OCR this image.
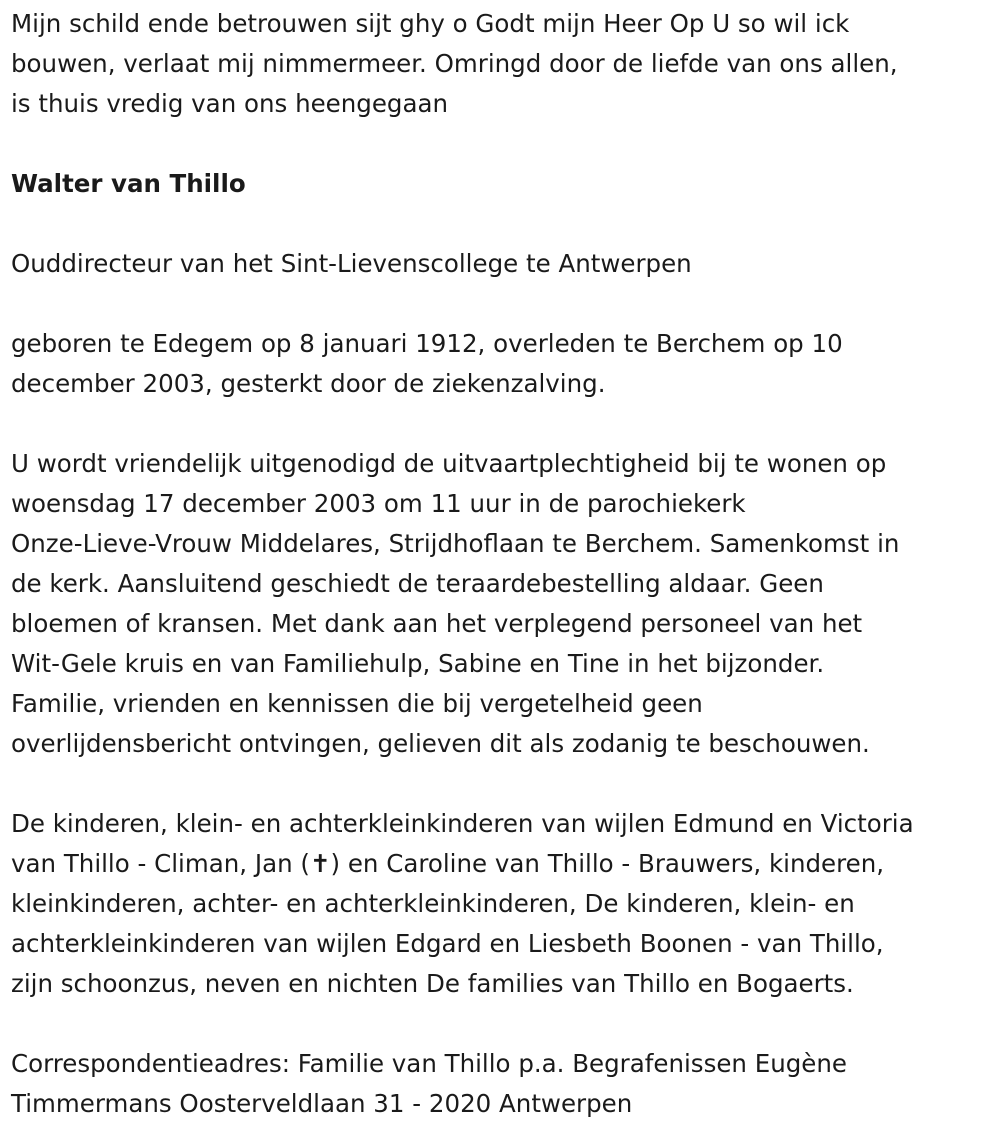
Mijn schild ende betrouwen sijt ghy o Godt mijn Heer Op U so wil ick
bouwen, verlaat mij nimmermeer. Omringd door de liefde van ons allen,
is thuis vredig van ons heengegaan

Walter van Thillo

Ouddirecteur van het Sint-Lievenscollege te Antwerpen

geboren te Edegem op 8 januari 1912, overleden te Berchem op 10
december 2003, gesterkt door de ziekenzalving.

U wordt vriendelijk uitgenodigd de uitvaartplechtigheid bij te wonen op
woensdag 17 december 2003 om 11 uur in de parochiekerk
Onze-Lieve-Vrouw Middelares, Strijdhoflaan te Berchem. Samenkomst in
de kerk. Aansluitend geschiedt de teraardebestelling aldaar. Geen
bloemen of kransen. Met dank aan het verplegend personeel van het
Wit-Gele kruis en van Familiehulp, Sabine en Tine in het bijzonder.
Familie, vrienden en kennissen die bij vergetelheid geen
overlijdensbericht ontvingen, gelieven dit als zodanig te beschouwen.

De kinderen, klein- en achterkleinkinderen van wijlen Edmund en Victoria
van Thillo - Climan, Jan (✝) en Caroline van Thillo - Brauwers, kinderen,
kleinkinderen, achter- en achterkleinkinderen, De kinderen, klein- en
achterkleinkinderen van wijlen Edgard en Liesbeth Boonen - van Thillo,
zijn schoonzus, neven en nichten De families van Thillo en Bogaerts.

Correspondentieadres: Familie van Thillo p.a. Begrafenissen Eugène
Timmermans Oosterveldlaan 31 - 2020 Antwerpen
